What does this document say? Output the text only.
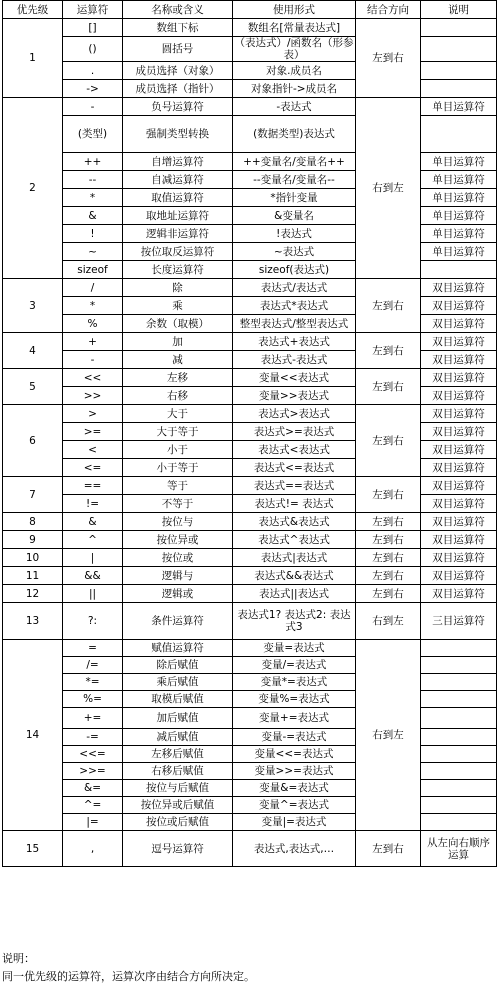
优先级	运算符	名称或含义	使用形式	结合方向	说明
1	[]	数组下标	数组名[常量表达式]	左到右	
	()	圆括号	（表达式）/函数名（形参表）		
	.	成员选择（对象）	对象.成员名		
	->	成员选择（指针）	对象指针->成员名		
2	-	负号运算符	-表达式	右到左	单目运算符
	(类型)	强制类型转换	(数据类型)表达式		
	++	自增运算符	++变量名/变量名++		单目运算符
	--	自减运算符	--变量名/变量名--		单目运算符
	*	取值运算符	*指针变量		单目运算符
	&	取地址运算符	&变量名		单目运算符
	!	逻辑非运算符	!表达式		单目运算符
	~	按位取反运算符	~表达式		单目运算符
	sizeof	长度运算符	sizeof(表达式)		
3	/	除	表达式/表达式	左到右	双目运算符
	*	乘	表达式*表达式		双目运算符
	%	余数（取模）	整型表达式/整型表达式		双目运算符
4	+	加	表达式+表达式	左到右	双目运算符
	-	减	表达式-表达式		双目运算符
5	<<	左移	变量<<表达式	左到右	双目运算符
	>>	右移	变量>>表达式		双目运算符
6	>	大于	表达式>表达式	左到右	双目运算符
	>=	大于等于	表达式>=表达式		双目运算符
	<	小于	表达式<表达式		双目运算符
	<=	小于等于	表达式<=表达式		双目运算符
7	==	等于	表达式==表达式	左到右	双目运算符
	!=	不等于	表达式!= 表达式		双目运算符
8	&	按位与	表达式&表达式	左到右	双目运算符
9	^	按位异或	表达式^表达式	左到右	双目运算符
10	|	按位或	表达式|表达式	左到右	双目运算符
11	&&	逻辑与	表达式&&表达式	左到右	双目运算符
12	||	逻辑或	表达式||表达式	左到右	双目运算符
13	?:	条件运算符	表达式1? 表达式2: 表达式3	右到左	三目运算符
14	=	赋值运算符	变量=表达式	右到左	
	/=	除后赋值	变量/=表达式		
	*=	乘后赋值	变量*=表达式		
	%=	取模后赋值	变量%=表达式		
	+=	加后赋值	变量+=表达式		
	-=	减后赋值	变量-=表达式		
	<<=	左移后赋值	变量<<=表达式		
	>>=	右移后赋值	变量>>=表达式		
	&=	按位与后赋值	变量&=表达式		
	^=	按位异或后赋值	变量^=表达式		
	|=	按位或后赋值	变量|=表达式		
15	,	逗号运算符	表达式,表达式,…	左到右	从左向右顺序运算
说明：
同一优先级的运算符，运算次序由结合方向所决定。
